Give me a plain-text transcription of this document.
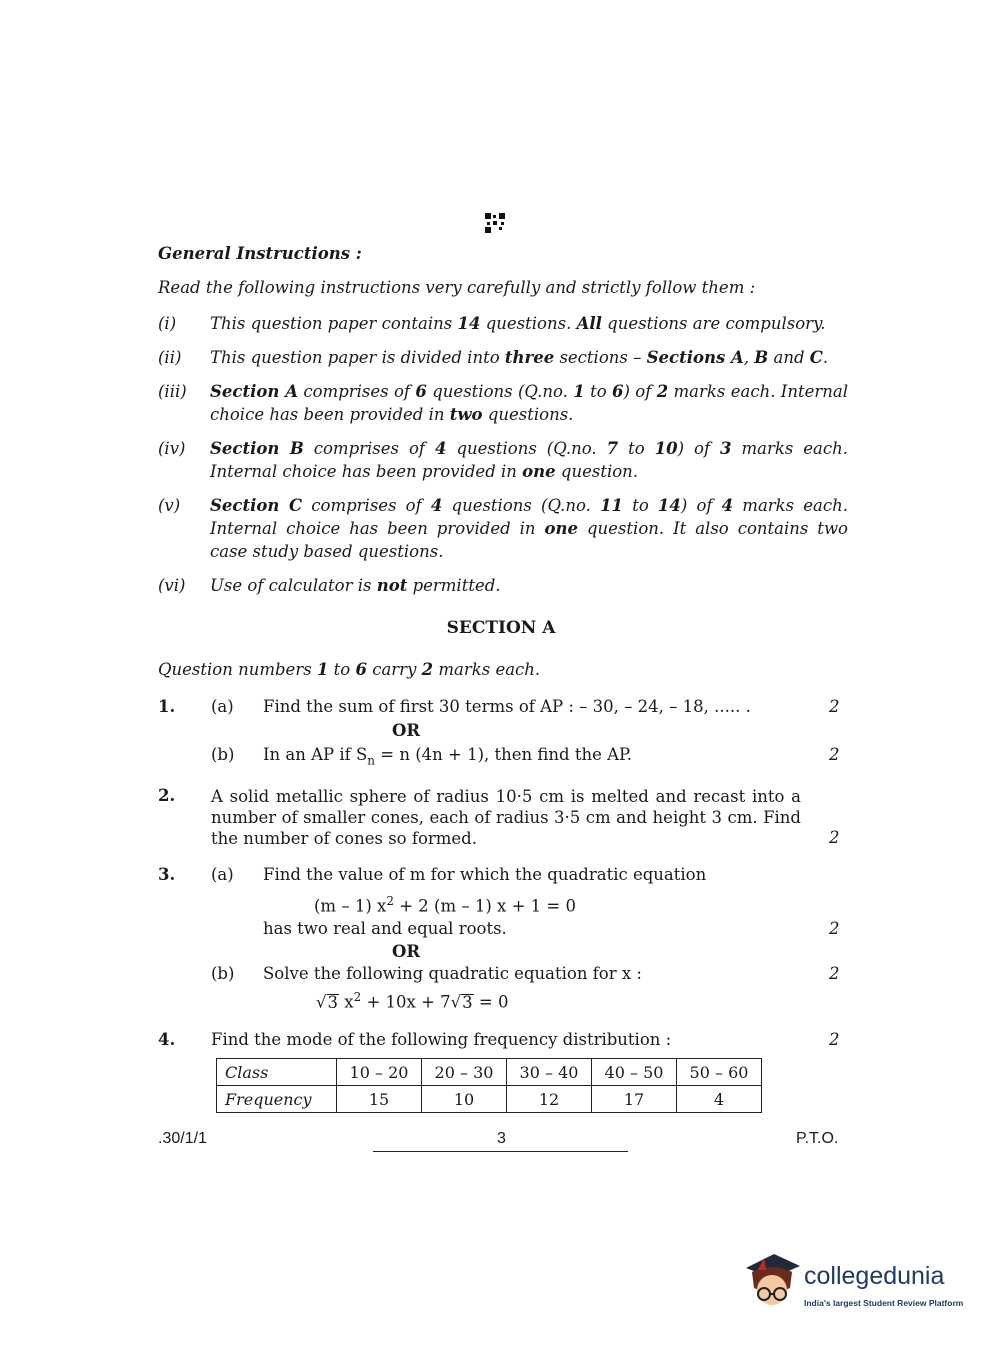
General Instructions :
Read the following instructions very carefully and strictly follow them :
(i) This question paper contains 14 questions. All questions are compulsory.
(ii) This question paper is divided into three sections – Sections A, B and C.
(iii) Section A comprises of 6 questions (Q.no. 1 to 6) of 2 marks each. Internal choice has been provided in two questions.
(iv) Section B comprises of 4 questions (Q.no. 7 to 10) of 3 marks each. Internal choice has been provided in one question.
(v) Section C comprises of 4 questions (Q.no. 11 to 14) of 4 marks each. Internal choice has been provided in one question. It also contains two case study based questions.
(vi) Use of calculator is not permitted.
SECTION A
Question numbers 1 to 6 carry 2 marks each.
1. (a) Find the sum of first 30 terms of AP : – 30, – 24, – 18, ..... .	2
OR
(b) In an AP if $S_n = n$ (4n + 1), then find the AP.	2
2. A solid metallic sphere of radius 10·5 cm is melted and recast into a number of smaller cones, each of radius 3·5 cm and height 3 cm. Find the number of cones so formed.	2
3. (a) Find the value of m for which the quadratic equation
(m – 1) $x^2 + 2$ (m – 1) x + 1 = 0
has two real and equal roots.	2
OR
(b) Solve the following quadratic equation for x :	2
√3 $x^2 + 10x + 7√3 = 0$
4. Find the mode of the following frequency distribution :	2
Class	10 – 20	20 – 30	30 – 40	40 – 50	50 – 60
Frequency	15	10	12	17	4
.30/1/1	3	P.T.O.
collegedunia
India's largest Student Review Platform
